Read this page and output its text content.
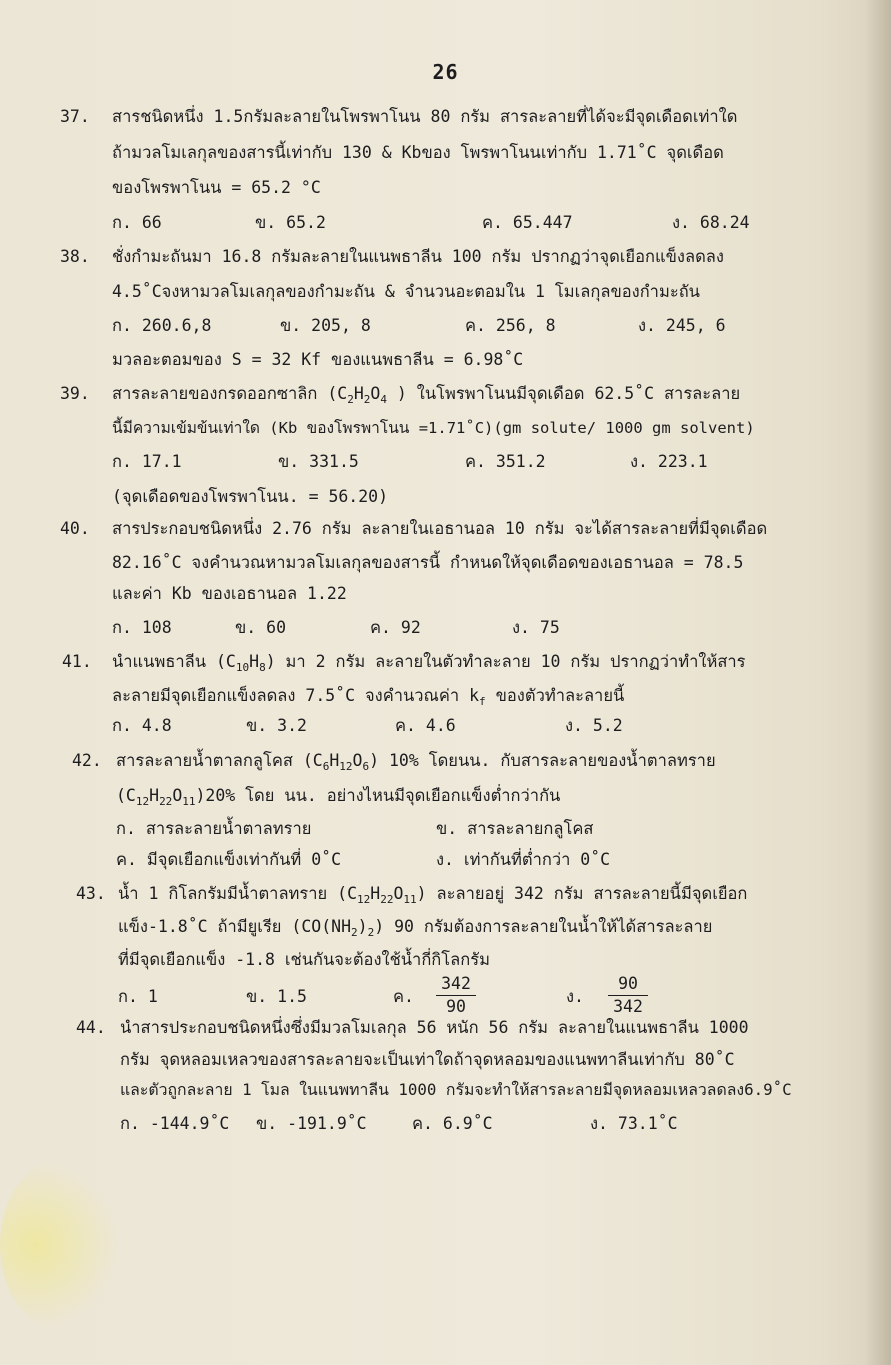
26
37. สารชนิดหนึ่ง 1.5กรัมละลายในโพรพาโนน 80 กรัม สารละลายที่ได้จะมีจุดเดือดเท่าใด
ถ้ามวลโมเลกุลของสารนี้เท่ากับ 130 & Kbของ โพรพาโนนเท่ากับ 1.71˚C จุดเดือด
ของโพรพาโนน = 65.2 °C
ก. 66	ข. 65.2	ค. 65.447	ง. 68.24
38. ชั่งกำมะถันมา 16.8 กรัมละลายในแนพธาลีน 100 กรัม ปรากฏว่าจุดเยือกแข็งลดลง
4.5˚Cจงหามวลโมเลกุลของกำมะถัน & จำนวนอะตอมใน 1 โมเลกุลของกำมะถัน
ก. 260.6,8	ข. 205, 8	ค. 256, 8	ง. 245, 6
มวลอะตอมของ S = 32 Kf ของแนพธาลีน = 6.98˚C
39. สารละลายของกรดออกซาลิก ($C_2H_2O_4$ ) ในโพรพาโนนมีจุดเดือด 62.5˚C สารละลาย
นี้มีความเข้มข้นเท่าใด (Kb ของโพรพาโนน =1.71˚C)(gm solute/ 1000 gm solvent)
ก. 17.1	ข. 331.5	ค. 351.2	ง. 223.1
(จุดเดือดของโพรพาโนน. = 56.20)
40. สารประกอบชนิดหนึ่ง 2.76 กรัม ละลายในเอธานอล 10 กรัม จะได้สารละลายที่มีจุดเดือด
82.16˚C จงคำนวณหามวลโมเลกุลของสารนี้ กำหนดให้จุดเดือดของเอธานอล = 78.5
และค่า Kb ของเอธานอล 1.22
ก. 108	ข. 60	ค. 92	ง. 75
41. นำแนพธาลีน $(C_{10}H_8)$ มา 2 กรัม ละลายในตัวทำละลาย 10 กรัม ปรากฏว่าทำให้สาร
ละลายมีจุดเยือกแข็งลดลง 7.5˚C จงคำนวณค่า $k_f$ ของตัวทำละลายนี้
ก. 4.8	ข. 3.2	ค. 4.6	ง. 5.2
42. สารละลายน้ำตาลกลูโคส $(C_6H_{12}O_6)$ 10% โดยนน. กับสารละลายของน้ำตาลทราย
$(C_{12}H_{22}O_{11})20\%$ โดย นน. อย่างไหนมีจุดเยือกแข็งต่ำกว่ากัน
ก. สารละลายน้ำตาลทราย	ข. สารละลายกลูโคส
ค. มีจุดเยือกแข็งเท่ากันที่ 0˚C	ง. เท่ากันที่ต่ำกว่า 0˚C
43. น้ำ 1 กิโลกรัมมีน้ำตาลทราย $(C_{12}H_{22}O_{11})$ ละลายอยู่ 342 กรัม สารละลายนี้มีจุดเยือก
แข็ง-1.8˚C ถ้ามียูเรีย $(CO(NH_2)_2)$ 90 กรัมต้องการละลายในน้ำให้ได้สารละลาย
ที่มีจุดเยือกแข็ง -1.8 เช่นกันจะต้องใช้น้ำกี่กิโลกรัม
ก. 1	ข. 1.5	ค. $\frac{342}{90}$	ง. $\frac{90}{342}$
44. นำสารประกอบชนิดหนึ่งซึ่งมีมวลโมเลกุล 56 หนัก 56 กรัม ละลายในแนพธาลีน 1000
กรัม จุดหลอมเหลวของสารละลายจะเป็นเท่าใดถ้าจุดหลอมของแนพทาลีนเท่ากับ 80˚C
และตัวถูกละลาย 1 โมล ในแนพทาลีน 1000 กรัมจะทำให้สารละลายมีจุดหลอมเหลวลดลง6.9˚C
ก. -144.9˚C ข. -191.9˚C	ค. 6.9˚C	ง. 73.1˚C
